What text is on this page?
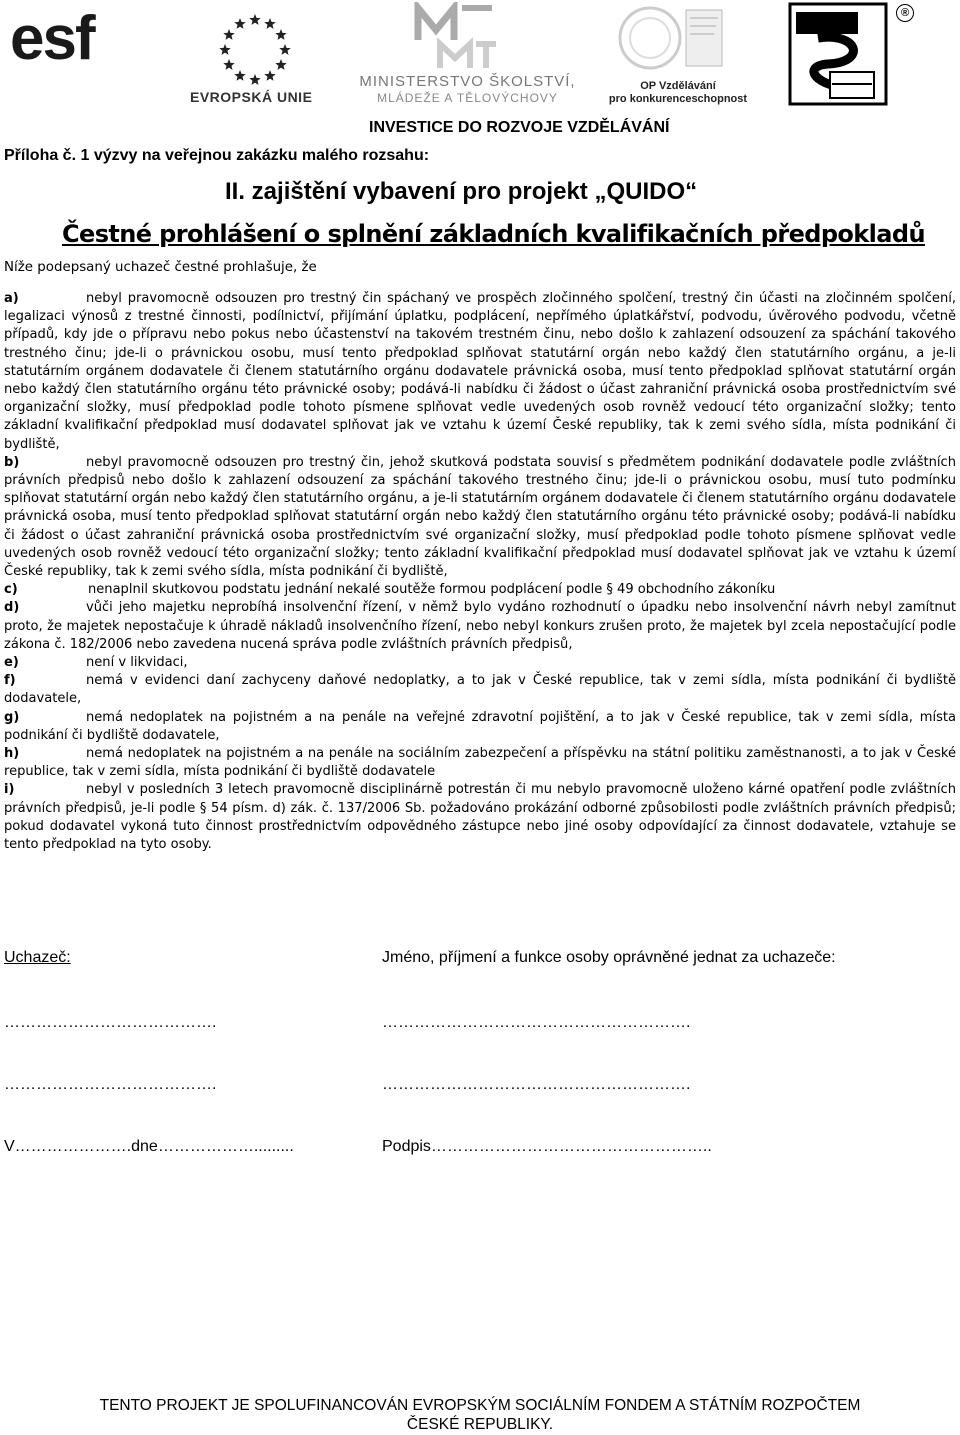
esf
EVROPSKÁ UNIE
MINISTERSTVO ŠKOLSTVÍ,
MLÁDEŽE A TĚLOVÝCHOVY
OP Vzdělávání
pro konkurenceschopnost
®
INVESTICE DO ROZVOJE VZDĚLÁVÁNÍ
Příloha č. 1 výzvy na veřejnou zakázku malého rozsahu:
II. zajištění vybavení pro projekt „QUIDO“
Čestné prohlášení o splnění základních kvalifikačních předpokladů
Níže podepsaný uchazeč čestné prohlašuje, že

a)	nebyl pravomocně odsouzen pro trestný čin spáchaný ve prospěch zločinného spolčení, trestný čin účasti na zločinném spolčení, legalizaci výnosů z trestné činnosti, podílnictví, přijímání úplatku, podplácení, nepřímého úplatkářství, podvodu, úvěrového podvodu, včetně případů, kdy jde o přípravu nebo pokus nebo účastenství na takovém trestném činu, nebo došlo k zahlazení odsouzení za spáchání takového trestného činu; jde-li o právnickou osobu, musí tento předpoklad splňovat statutární orgán nebo každý člen statutárního orgánu, a je-li statutárním orgánem dodavatele či členem statutárního orgánu dodavatele právnická osoba, musí tento předpoklad splňovat statutární orgán nebo každý člen statutárního orgánu této právnické osoby; podává-li nabídku či žádost o účast zahraniční právnická osoba prostřednictvím své organizační složky, musí předpoklad podle tohoto písmene splňovat vedle uvedených osob rovněž vedoucí této organizační složky; tento základní kvalifikační předpoklad musí dodavatel splňovat jak ve vztahu k území České republiky, tak k zemi svého sídla, místa podnikání či bydliště,

b)	nebyl pravomocně odsouzen pro trestný čin, jehož skutková podstata souvisí s předmětem podnikání dodavatele podle zvláštních právních předpisů nebo došlo k zahlazení odsouzení za spáchání takového trestného činu; jde-li o právnickou osobu, musí tuto podmínku splňovat statutární orgán nebo každý člen statutárního orgánu, a je-li statutárním orgánem dodavatele či členem statutárního orgánu dodavatele právnická osoba, musí tento předpoklad splňovat statutární orgán nebo každý člen statutárního orgánu této právnické osoby; podává-li nabídku či žádost o účast zahraniční právnická osoba prostřednictvím své organizační složky, musí předpoklad podle tohoto písmene splňovat vedle uvedených osob rovněž vedoucí této organizační složky; tento základní kvalifikační předpoklad musí dodavatel splňovat jak ve vztahu k území České republiky, tak k zemi svého sídla, místa podnikání či bydliště,

c)	nenaplnil skutkovou podstatu jednání nekalé soutěže formou podplácení podle § 49 obchodního zákoníku

d)	vůči jeho majetku neprobíhá insolvenční řízení, v němž bylo vydáno rozhodnutí o úpadku nebo insolvenční návrh nebyl zamítnut proto, že majetek nepostačuje k úhradě nákladů insolvenčního řízení, nebo nebyl konkurs zrušen proto, že majetek byl zcela nepostačující podle zákona č. 182/2006 nebo zavedena nucená správa podle zvláštních právních předpisů,

e)	není v likvidaci,

f)	nemá v evidenci daní zachyceny daňové nedoplatky, a to jak v České republice, tak v zemi sídla, místa podnikání či bydliště dodavatele,

g)	nemá nedoplatek na pojistném a na penále na veřejné zdravotní pojištění, a to jak v České republice, tak v zemi sídla, místa podnikání či bydliště dodavatele,

h)	nemá nedoplatek na pojistném a na penále na sociálním zabezpečení a příspěvku na státní politiku zaměstnanosti, a to jak v České republice, tak v zemi sídla, místa podnikání či bydliště dodavatele

i)	nebyl v posledních 3 letech pravomocně disciplinárně potrestán či mu nebylo pravomocně uloženo kárné opatření podle zvláštních právních předpisů, je-li podle § 54 písm. d) zák. č. 137/2006 Sb. požadováno prokázání odborné způsobilosti podle zvláštních právních předpisů; pokud dodavatel vykoná tuto činnost prostřednictvím odpovědného zástupce nebo jiné osoby odpovídající za činnost dodavatele, vztahuje se tento předpoklad na tyto osoby.

Uchazeč:	Jméno, příjmení a funkce osoby oprávněné jednat za uchazeče:
………………………………….	………………………………………………….
………………………………….	………………………………………………….
V………………….dne……………….........	Podpis……………………………………………..
TENTO PROJEKT JE SPOLUFINANCOVÁN EVROPSKÝM SOCIÁLNÍM FONDEM A STÁTNÍM ROZPOČTEM
ČESKÉ REPUBLIKY.
